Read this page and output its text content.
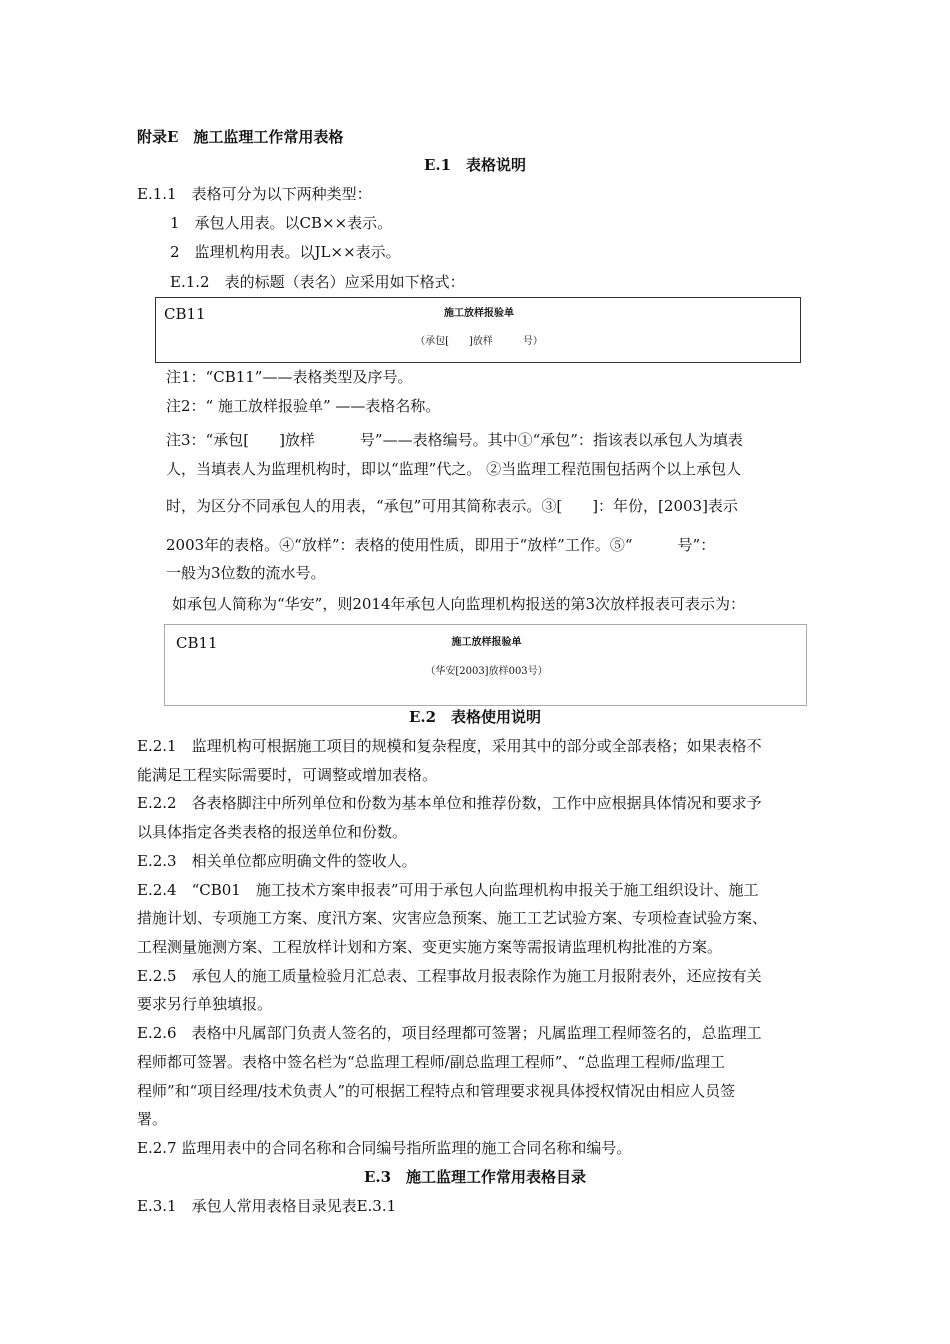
附录E　施工监理工作常用表格
E.1　表格说明
E.1.1　表格可分为以下两种类型：
1　承包人用表。以CB××表示。
2　监理机构用表。以JL××表示。
E.1.2　表的标题（表名）应采用如下格式：
CB11	施工放样报验单
（承包[　　]放样　　　号）
注1：“CB11”——表格类型及序号。
注2：“ 施工放样报验单” ——表格名称。
注3：“承包[　　]放样　　　号”——表格编号。其中①“承包”：指该表以承包人为填表
人，当填表人为监理机构时，即以“监理”代之。 ②当监理工程范围包括两个以上承包人
时，为区分不同承包人的用表，“承包”可用其简称表示。③[　　]：年份，[2003]表示
2003年的表格。④“放样”：表格的使用性质，即用于“放样”工作。⑤“　　　号”：
一般为3位数的流水号。
如承包人简称为“华安”，则2014年承包人向监理机构报送的第3次放样报表可表示为：
CB11	施工放样报验单
（华安[2003]放样003号）
E.2　表格使用说明
E.2.1　监理机构可根据施工项目的规模和复杂程度，采用其中的部分或全部表格；如果表格不
能满足工程实际需要时，可调整或增加表格。
E.2.2　各表格脚注中所列单位和份数为基本单位和推荐份数，工作中应根据具体情况和要求予
以具体指定各类表格的报送单位和份数。
E.2.3　相关单位都应明确文件的签收人。
E.2.4　“CB01　施工技术方案申报表”可用于承包人向监理机构申报关于施工组织设计、施工
措施计划、专项施工方案、度汛方案、灾害应急预案、施工工艺试验方案、专项检查试验方案、
工程测量施测方案、工程放样计划和方案、变更实施方案等需报请监理机构批准的方案。
E.2.5　承包人的施工质量检验月汇总表、工程事故月报表除作为施工月报附表外，还应按有关
要求另行单独填报。
E.2.6　表格中凡属部门负责人签名的，项目经理都可签署；凡属监理工程师签名的，总监理工
程师都可签署。表格中签名栏为“总监理工程师/副总监理工程师”、“总监理工程师/监理工
程师”和“项目经理/技术负责人”的可根据工程特点和管理要求视具体授权情况由相应人员签
署。
E.2.7 监理用表中的合同名称和合同编号指所监理的施工合同名称和编号。
E.3　施工监理工作常用表格目录
E.3.1　承包人常用表格目录见表E.3.1
